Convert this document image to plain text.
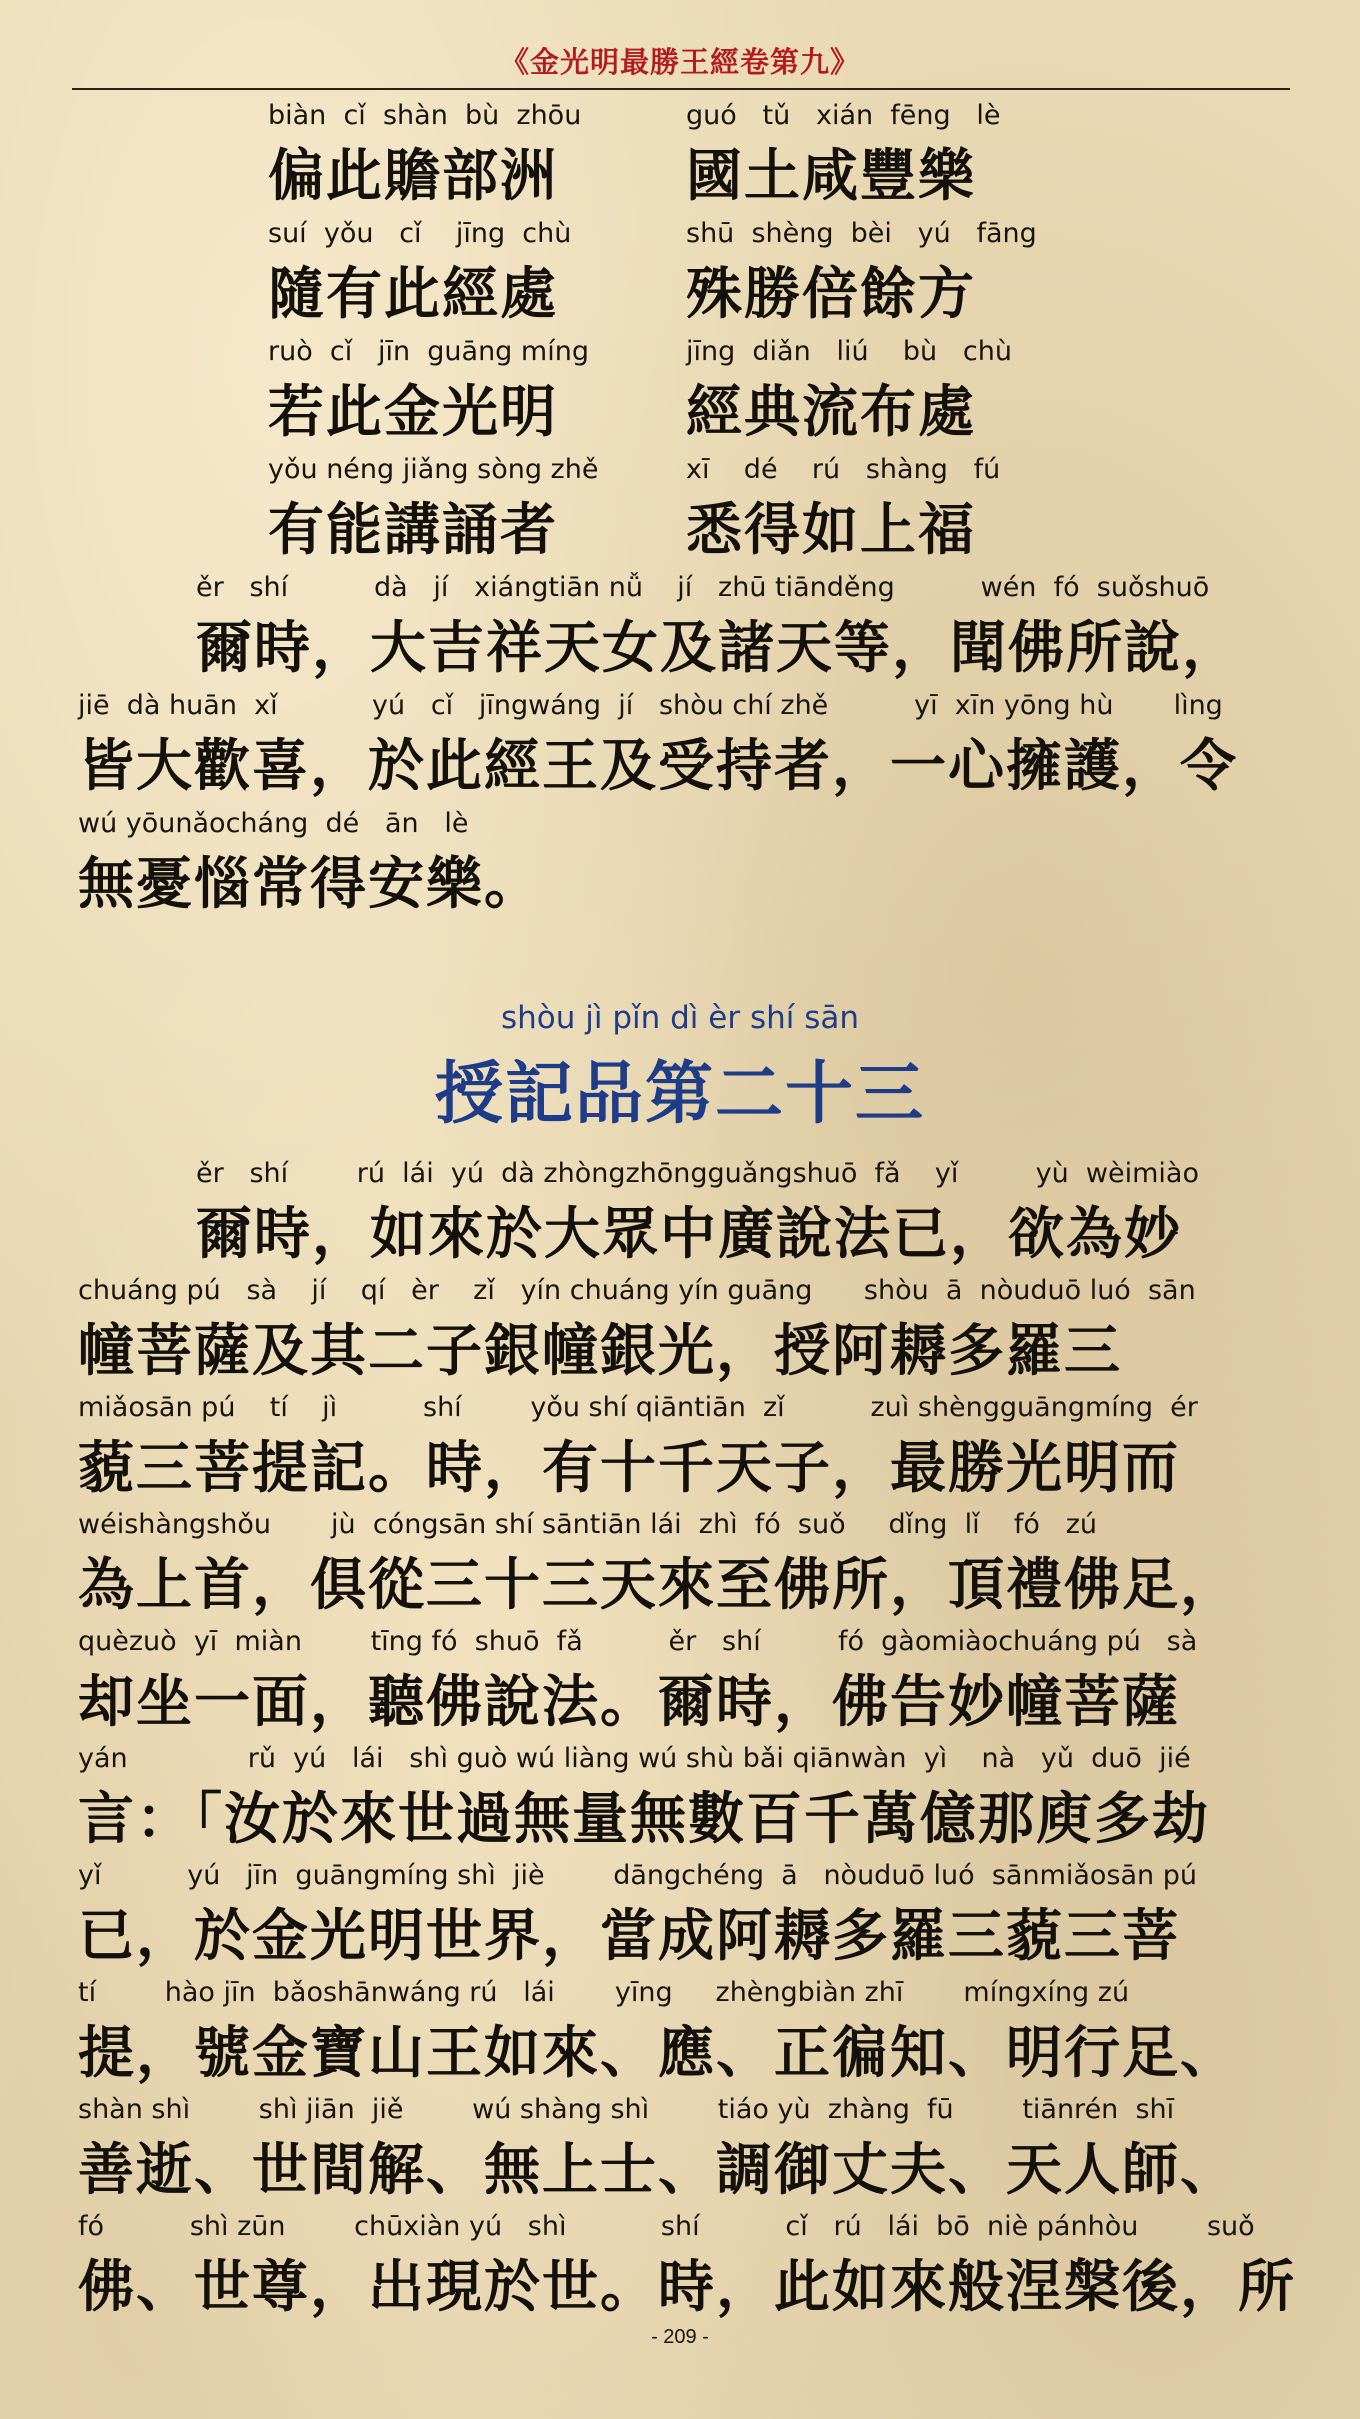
《金光明最勝王經卷第九》
biàn  cǐ  shàn  bù  zhōu
偏此贍部洲
guó   tǔ   xián  fēng   lè
國土咸豐樂
suí  yǒu   cǐ    jīng  chù
隨有此經處
shū  shèng  bèi   yú   fāng
殊勝倍餘方
ruò  cǐ   jīn  guāng míng
若此金光明
jīng  diǎn   liú    bù   chù
經典流布處
yǒu néng jiǎng sòng zhě
有能講誦者
xī    dé    rú   shàng   fú
悉得如上福
ěr   shí          dà   jí   xiángtiān nǚ    jí   zhū tiānděng          wén  fó  suǒshuō
爾時，大吉祥天女及諸天等，聞佛所說，
jiē  dà huān  xǐ           yú   cǐ   jīngwáng  jí   shòu chí zhě          yī  xīn yōng hù       lìng
皆大歡喜，於此經王及受持者，一心擁護，令
wú yōunǎocháng  dé   ān   lè
無憂惱常得安樂。
shòu jì pǐn dì èr shí sān
授記品第二十三
ěr   shí        rú  lái  yú  dà zhòngzhōngguǎngshuō  fǎ    yǐ         yù  wèimiào
爾時，如來於大眾中廣說法已，欲為妙
chuáng pú   sà    jí    qí   èr    zǐ   yín chuáng yín guāng      shòu  ā  nòuduō luó  sān
幢菩薩及其二子銀幢銀光，授阿耨多羅三
miǎosān pú    tí    jì          shí        yǒu shí qiāntiān  zǐ          zuì shèngguāngmíng  ér
藐三菩提記。時，有十千天子，最勝光明而
wéishàngshǒu       jù  cóngsān shí sāntiān lái  zhì  fó  suǒ     dǐng  lǐ    fó   zú
為上首，俱從三十三天來至佛所，頂禮佛足，
quèzuò  yī  miàn        tīng fó  shuō  fǎ          ěr   shí         fó  gàomiàochuáng pú   sà
却坐一面，聽佛說法。爾時，佛告妙幢菩薩
yán              rǔ  yú   lái   shì guò wú liàng wú shù bǎi qiānwàn  yì    nà   yǔ  duō  jié
言：「汝於來世過無量無數百千萬億那庾多劫
yǐ          yú   jīn  guāngmíng shì  jiè        dāngchéng  ā   nòuduō luó  sānmiǎosān pú
已，於金光明世界，當成阿耨多羅三藐三菩
tí        hào jīn  bǎoshānwáng rú   lái       yīng     zhèngbiàn zhī       míngxíng zú
提，號金寶山王如來、應、正徧知、明行足、
shàn shì        shì jiān  jiě        wú shàng shì        tiáo yù  zhàng  fū        tiānrén  shī
善逝、世間解、無上士、調御丈夫、天人師、
fó          shì zūn        chūxiàn yú   shì           shí          cǐ   rú   lái  bō  niè pánhòu        suǒ
佛、世尊，出現於世。時，此如來般涅槃後，所
- 209 -
